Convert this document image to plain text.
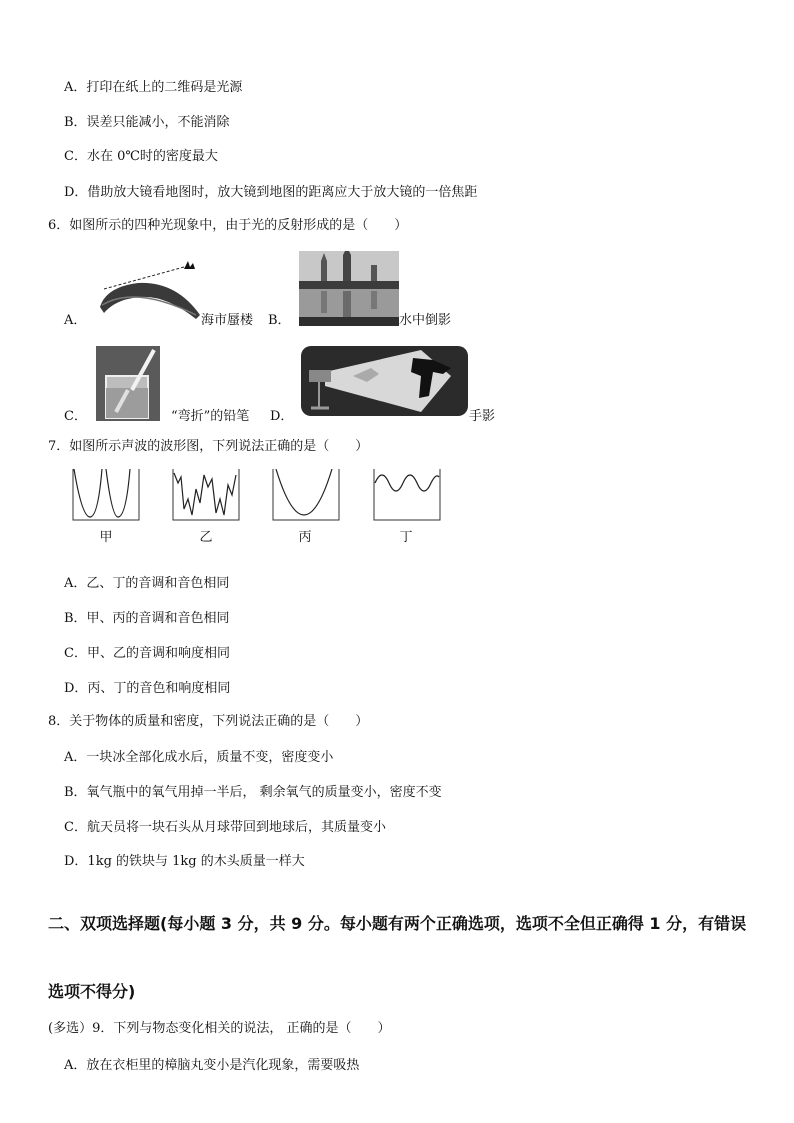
A．打印在纸上的二维码是光源
B．误差只能减小，不能消除
C．水在 0℃时的密度最大
D．借助放大镜看地图时，放大镜到地图的距离应大于放大镜的一倍焦距
6．如图所示的四种光现象中，由于光的反射形成的是（　　）
A．	海市蜃楼 B．	水中倒影
C．	“弯折”的铅笔 D．	手影
7．如图所示声波的波形图，下列说法正确的是（　　）
甲	乙	丙	丁
A．乙、丁的音调和音色相同
B．甲、丙的音调和音色相同
C．甲、乙的音调和响度相同
D．丙、丁的音色和响度相同
8．关于物体的质量和密度，下列说法正确的是（　　）
A．一块冰全部化成水后，质量不变，密度变小
B．氧气瓶中的氧气用掉一半后， 剩余氧气的质量变小，密度不变
C．航天员将一块石头从月球带回到地球后，其质量变小
D．1kg 的铁块与 1kg 的木头质量一样大
二、双项选择题(每小题 3 分，共 9 分。每小题有两个正确选项，选项不全但正确得 1 分，有错误
选项不得分)
(多选）9．下列与物态变化相关的说法， 正确的是（　　）
A．放在衣柜里的樟脑丸变小是汽化现象，需要吸热
